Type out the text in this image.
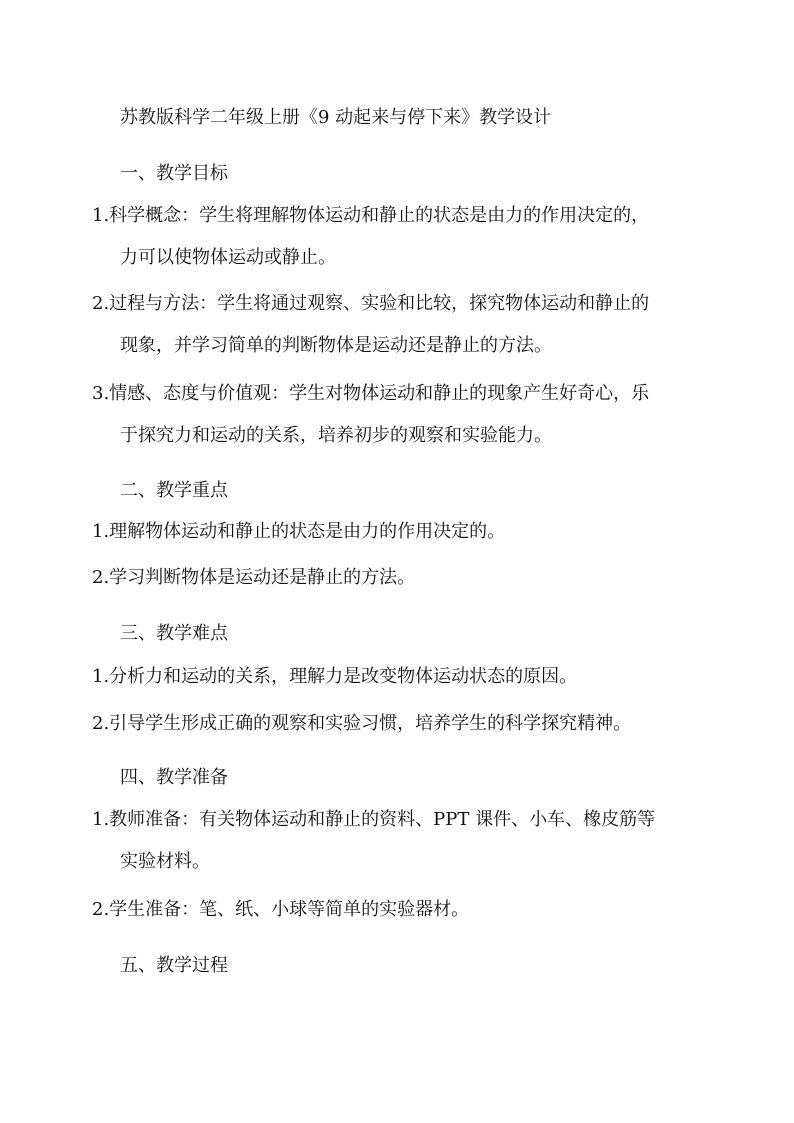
苏教版科学二年级上册《9 动起来与停下来》教学设计
一、教学目标
1.科学概念：学生将理解物体运动和静止的状态是由力的作用决定的，
力可以使物体运动或静止。
2.过程与方法：学生将通过观察、实验和比较，探究物体运动和静止的
现象，并学习简单的判断物体是运动还是静止的方法。
3.情感、态度与价值观：学生对物体运动和静止的现象产生好奇心，乐
于探究力和运动的关系，培养初步的观察和实验能力。
二、教学重点
1.理解物体运动和静止的状态是由力的作用决定的。
2.学习判断物体是运动还是静止的方法。
三、教学难点
1.分析力和运动的关系，理解力是改变物体运动状态的原因。
2.引导学生形成正确的观察和实验习惯，培养学生的科学探究精神。
四、教学准备
1.教师准备：有关物体运动和静止的资料、PPT 课件、小车、橡皮筋等
实验材料。
2.学生准备：笔、纸、小球等简单的实验器材。
五、教学过程
